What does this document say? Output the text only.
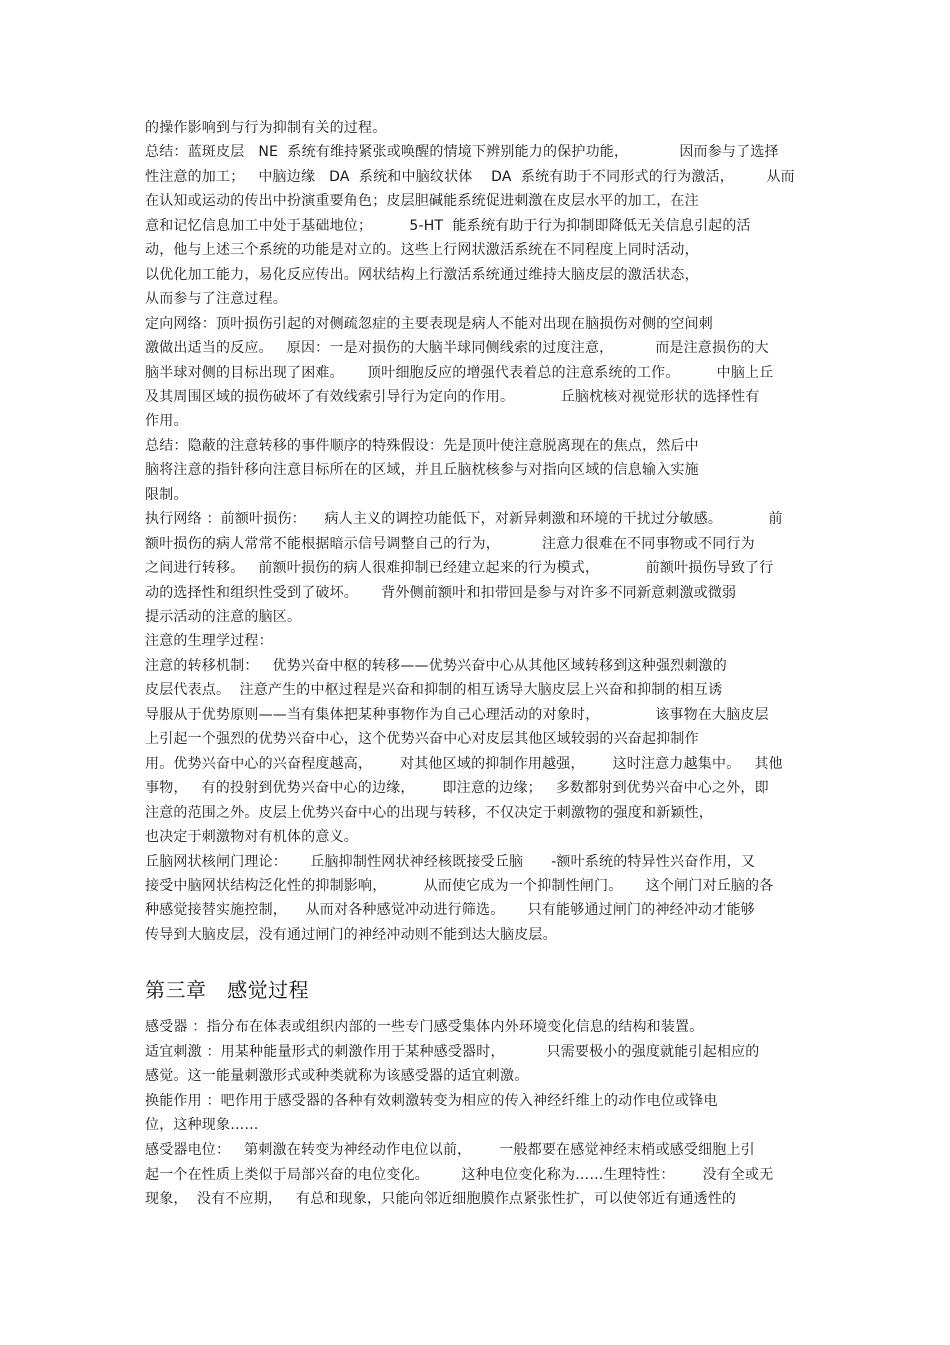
的操作影响到与行为抑制有关的过程。
总结：蓝斑皮层   NE  系统有维持紧张或唤醒的情境下辨别能力的保护功能，           因而参与了选择
性注意的加工；   中脑边缘   DA  系统和中脑纹状体    DA  系统有助于不同形式的行为激活，       从而
在认知或运动的传出中扮演重要角色；皮层胆碱能系统促进刺激在皮层水平的加工，在注
意和记忆信息加工中处于基础地位；        5-HT  能系统有助于行为抑制即降低无关信息引起的活
动，他与上述三个系统的功能是对立的。这些上行网状激活系统在不同程度上同时活动，
以优化加工能力，易化反应传出。网状结构上行激活系统通过维持大脑皮层的激活状态，
从而参与了注意过程。
定向网络：顶叶损伤引起的对侧疏忽症的主要表现是病人不能对出现在脑损伤对侧的空间刺
激做出适当的反应。   原因：一是对损伤的大脑半球同侧线索的过度注意，         而是注意损伤的大
脑半球对侧的目标出现了困难。     顶叶细胞反应的增强代表着总的注意系统的工作。        中脑上丘
及其周围区域的损伤破坏了有效线索引导行为定向的作用。          丘脑枕核对视觉形状的选择性有
作用。
总结：隐蔽的注意转移的事件顺序的特殊假设：先是顶叶使注意脱离现在的焦点，然后中
脑将注意的指针移向注意目标所在的区域，并且丘脑枕核参与对指向区域的信息输入实施
限制。
执行网络 ：前额叶损伤：    病人主义的调控功能低下，对新异刺激和环境的干扰过分敏感。          前
额叶损伤的病人常常不能根据暗示信号调整自己的行为，         注意力很难在不同事物或不同行为
之间进行转移。   前额叶损伤的病人很难抑制已经建立起来的行为模式，          前额叶损伤导致了行
动的选择性和组织性受到了破坏。     背外侧前额叶和扣带回是参与对许多不同新意刺激或微弱
提示活动的注意的脑区。
注意的生理学过程：
注意的转移机制：   优势兴奋中枢的转移——优势兴奋中心从其他区域转移到这种强烈刺激的
皮层代表点。  注意产生的中枢过程是兴奋和抑制的相互诱导大脑皮层上兴奋和抑制的相互诱
导服从于优势原则——当有集体把某种事物作为自己心理活动的对象时，            该事物在大脑皮层
上引起一个强烈的优势兴奋中心，这个优势兴奋中心对皮层其他区域较弱的兴奋起抑制作
用。优势兴奋中心的兴奋程度越高，      对其他区域的抑制作用越强，      这时注意力越集中。   其他
事物，   有的投射到优势兴奋中心的边缘，      即注意的边缘；   多数都射到优势兴奋中心之外，即
注意的范围之外。皮层上优势兴奋中心的出现与转移，不仅决定于刺激物的强度和新颖性，
也决定于刺激物对有机体的意义。
丘脑网状核闸门理论：     丘脑抑制性网状神经核既接受丘脑      -额叶系统的特异性兴奋作用，又
接受中脑网状结构泛化性的抑制影响，        从而使它成为一个抑制性闸门。     这个闸门对丘脑的各
种感觉接替实施控制，    从而对各种感觉冲动进行筛选。     只有能够通过闸门的神经冲动才能够
传导到大脑皮层，没有通过闸门的神经冲动则不能到达大脑皮层。
第三章   感觉过程
感受器 ：指分布在体表或组织内部的一些专门感受集体内外环境变化信息的结构和装置。
适宜刺激 ：用某种能量形式的刺激作用于某种感受器时，         只需要极小的强度就能引起相应的
感觉。这一能量刺激形式或种类就称为该感受器的适宜刺激。
换能作用 ：吧作用于感受器的各种有效刺激转变为相应的传入神经纤维上的动作电位或锋电
位，这种现象……
感受器电位：   第刺激在转变为神经动作电位以前，      一般都要在感觉神经末梢或感受细胞上引
起一个在性质上类似于局部兴奋的电位变化。       这种电位变化称为……生理特性：      没有全或无
现象，  没有不应期，   有总和现象，只能向邻近细胞膜作点紧张性扩，可以使邻近有通透性的
